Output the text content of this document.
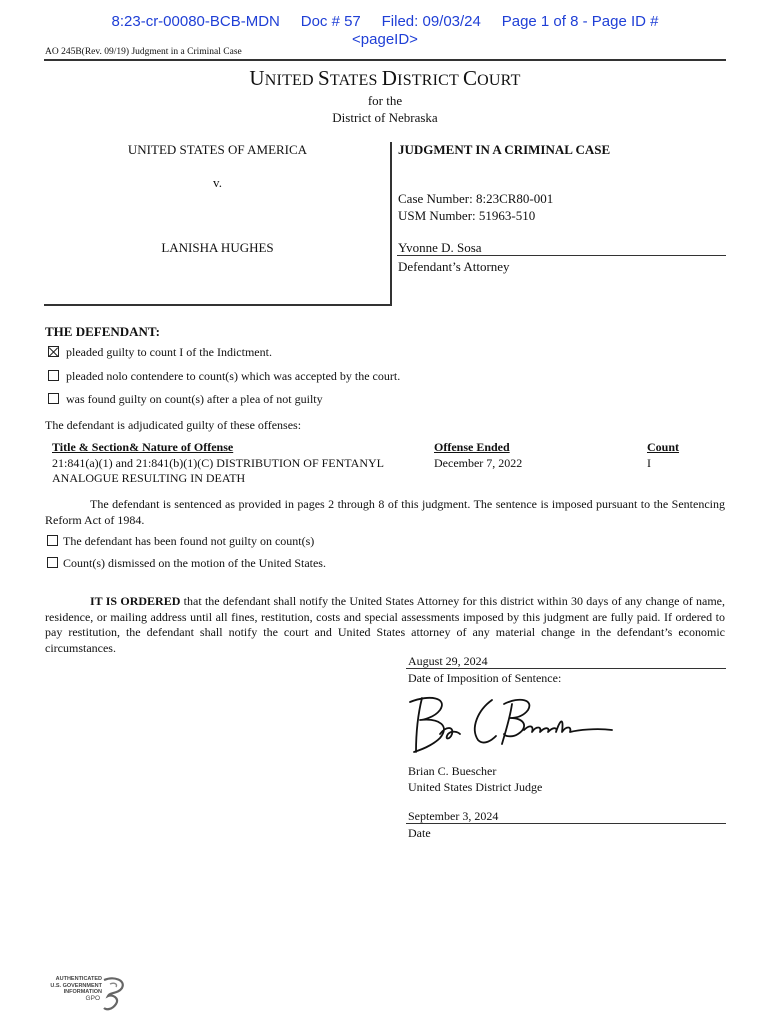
8:23-cr-00080-BCB-MDN Doc # 57 Filed: 09/03/24 Page 1 of 8 - Page ID #
<pageID>
AO 245B(Rev. 09/19) Judgment in a Criminal Case
UNITED STATES DISTRICT COURT
for the
District of Nebraska
UNITED STATES OF AMERICA
v.
LANISHA HUGHES
JUDGMENT IN A CRIMINAL CASE
Case Number: 8:23CR80-001
USM Number: 51963-510
Yvonne D. Sosa
Defendant’s Attorney
THE DEFENDANT:
pleaded guilty to count I of the Indictment.
pleaded nolo contendere to count(s) which was accepted by the court.
was found guilty on count(s) after a plea of not guilty
The defendant is adjudicated guilty of these offenses:
Title & Section& Nature of Offense	Offense Ended	Count
21:841(a)(1) and 21:841(b)(1)(C) DISTRIBUTION OF FENTANYL	December 7, 2022	I
ANALOGUE RESULTING IN DEATH
The defendant is sentenced as provided in pages 2 through 8 of this judgment. The sentence is imposed pursuant to the Sentencing Reform Act of 1984.
The defendant has been found not guilty on count(s)
Count(s) dismissed on the motion of the United States.
IT IS ORDERED that the defendant shall notify the United States Attorney for this district within 30 days of any change of name, residence, or mailing address until all fines, restitution, costs and special assessments imposed by this judgment are fully paid. If ordered to pay restitution, the defendant shall notify the court and United States attorney of any material change in the defendant’s economic circumstances.
August 29, 2024
Date of Imposition of Sentence:
Brian C. Buescher
United States District Judge
September 3, 2024
Date
AUTHENTICATED
U.S. GOVERNMENT
INFORMATION
GPO
